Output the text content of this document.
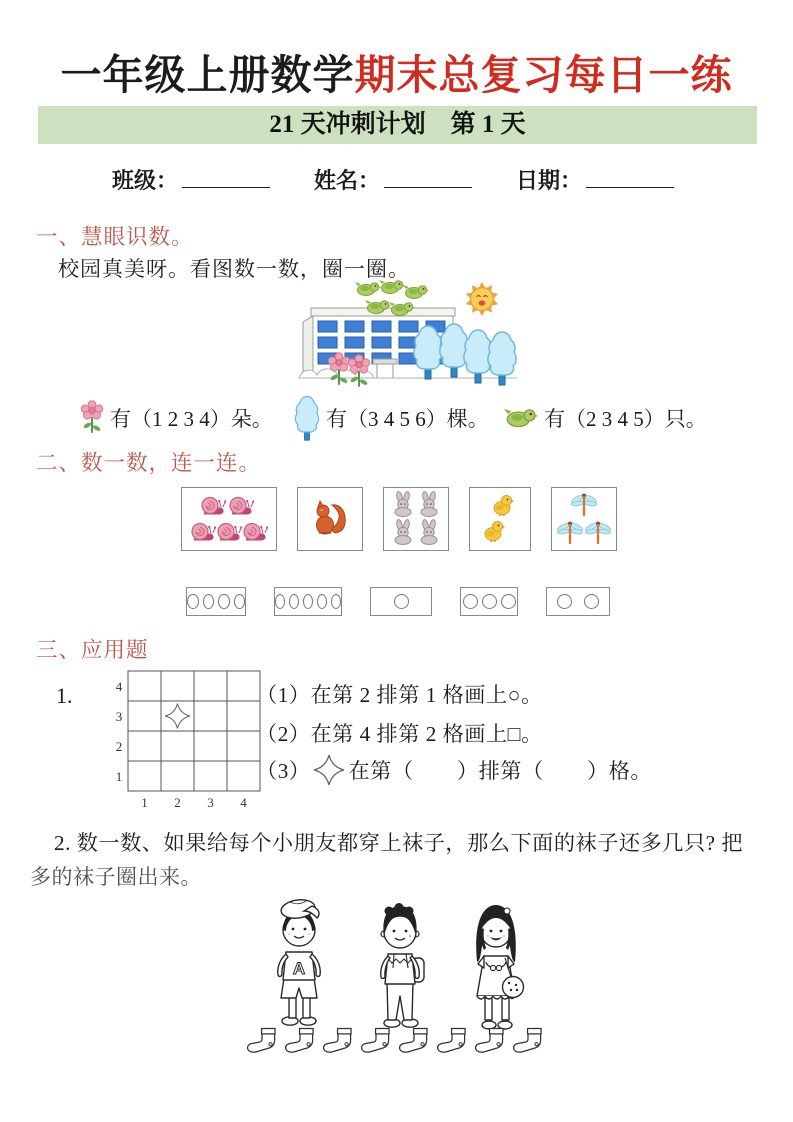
一年级上册数学期末总复习每日一练
21 天冲刺计划　第 1 天
班级：	姓名：	日期：
一、慧眼识数。
校园真美呀。看图数一数，圈一圈。
有（1 2 3 4）朵。	有（3 4 5 6）棵。	有（2 3 4 5）只。
二、数一数，连一连。
三、应用题
1.	4
3
2
1
1 2 3 4
（1）在第 2 排第 1 格画上○。
（2）在第 4 排第 2 格画上□。
（3） 在第（　　）排第（　　）格。
2. 数一数、如果给每个小朋友都穿上袜子，那么下面的袜子还多几只? 把
多的袜子圈出来。
A
